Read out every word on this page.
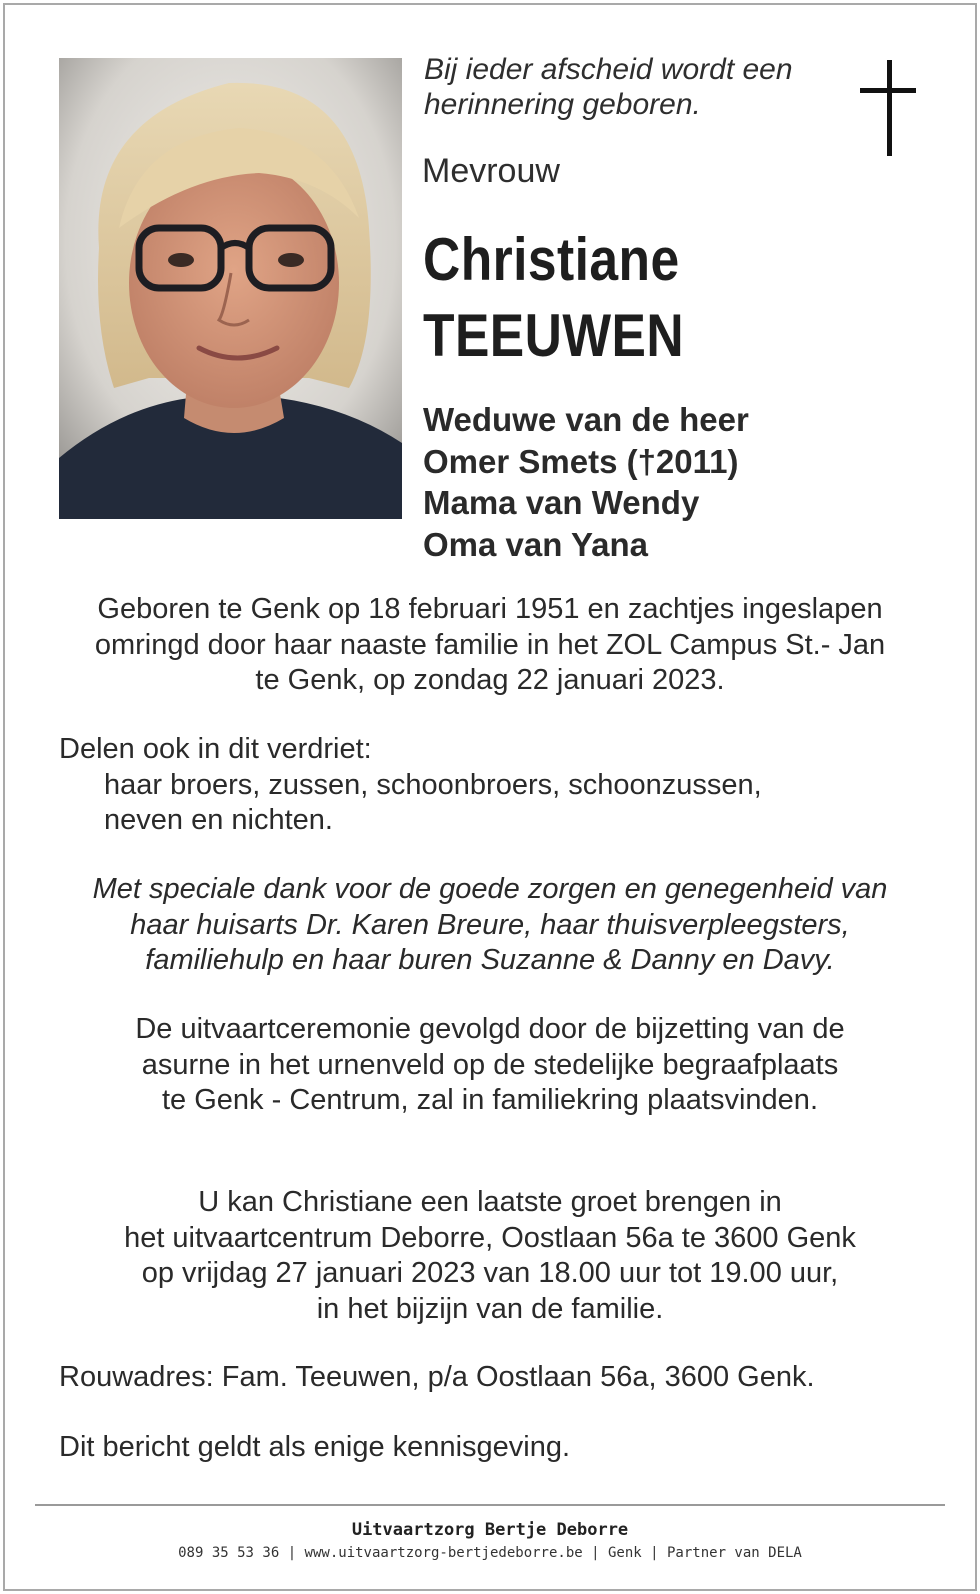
Bij ieder afscheid wordt een
herinnering geboren.
Mevrouw
Christiane
TEEUWEN
Weduwe van de heer
Omer Smets (†2011)
Mama van Wendy
Oma van Yana
Geboren te Genk op 18 februari 1951 en zachtjes ingeslapen
omringd door haar naaste familie in het ZOL Campus St.- Jan
te Genk, op zondag 22 januari 2023.
Delen ook in dit verdriet:
haar broers, zussen, schoonbroers, schoonzussen,
neven en nichten.
Met speciale dank voor de goede zorgen en genegenheid van
haar huisarts Dr. Karen Breure, haar thuisverpleegsters,
familiehulp en haar buren Suzanne & Danny en Davy.
De uitvaartceremonie gevolgd door de bijzetting van de
asurne in het urnenveld op de stedelijke begraafplaats
te Genk - Centrum, zal in familiekring plaatsvinden.
U kan Christiane een laatste groet brengen in
het uitvaartcentrum Deborre, Oostlaan 56a te 3600 Genk
op vrijdag 27 januari 2023 van 18.00 uur tot 19.00 uur,
in het bijzijn van de familie.
Rouwadres: Fam. Teeuwen, p/a Oostlaan 56a, 3600 Genk.
Dit bericht geldt als enige kennisgeving.
Uitvaartzorg Bertje Deborre
089 35 53 36 | www.uitvaartzorg-bertjedeborre.be | Genk | Partner van DELA
